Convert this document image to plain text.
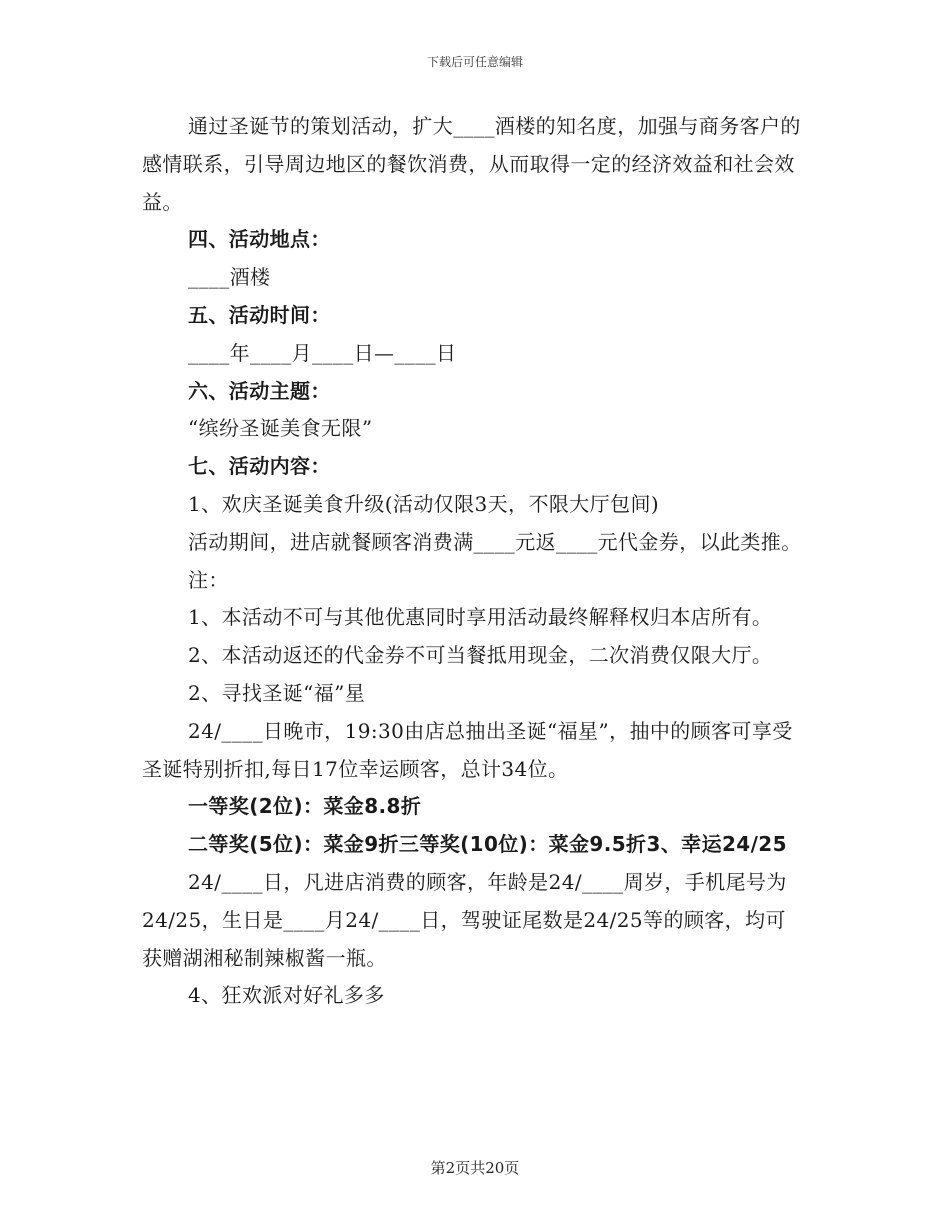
下载后可任意编辑

通过圣诞节的策划活动，扩大____酒楼的知名度，加强与商务客户的感情联系，引导周边地区的餐饮消费，从而取得一定的经济效益和社会效益。

四、活动地点：

____酒楼

五、活动时间：

____年____月____日—____日

六、活动主题：

“缤纷圣诞美食无限”

七、活动内容：

1、欢庆圣诞美食升级(活动仅限3天，不限大厅包间)

活动期间，进店就餐顾客消费满____元返____元代金券，以此类推。

注：

1、本活动不可与其他优惠同时享用活动最终解释权归本店所有。

2、本活动返还的代金券不可当餐抵用现金，二次消费仅限大厅。

2、寻找圣诞“福”星

24/____日晚市，19:30由店总抽出圣诞“福星”，抽中的顾客可享受圣诞特别折扣,每日17位幸运顾客，总计34位。

一等奖(2位)：菜金8.8折

二等奖(5位)：菜金9折三等奖(10位)：菜金9.5折3、幸运24/25

24/____日，凡进店消费的顾客，年龄是24/____周岁，手机尾号为24/25，生日是____月24/____日，驾驶证尾数是24/25等的顾客，均可获赠湖湘秘制辣椒酱一瓶。

4、狂欢派对好礼多多

第2页共20页
